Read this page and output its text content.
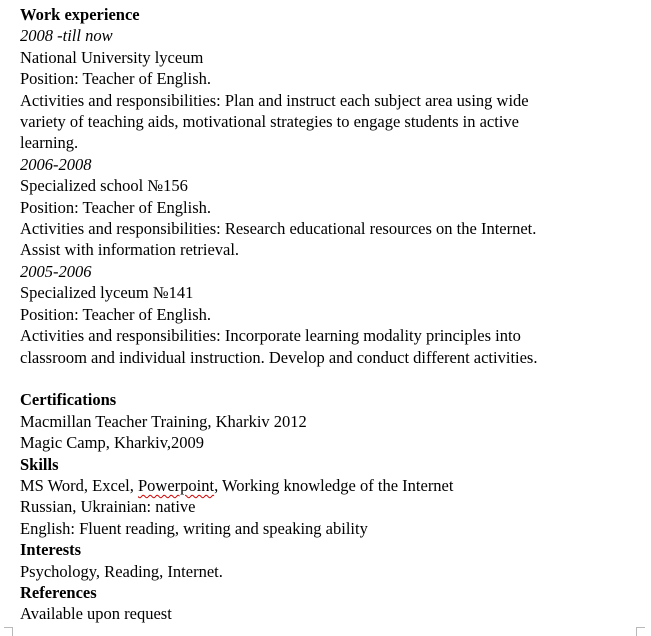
Work experience
2008 -till now
National University lyceum
Position: Teacher of English.
Activities and responsibilities: Plan and instruct each subject area using wide
variety of teaching aids, motivational strategies to engage students in active
learning.
2006-2008
Specialized school №156
Position: Teacher of English.
Activities and responsibilities: Research educational resources on the Internet.
Assist with information retrieval.
2005-2006
Specialized lyceum №141
Position: Teacher of English.
Activities and responsibilities: Incorporate learning modality principles into
classroom and individual instruction. Develop and conduct different activities.
Certifications
Macmillan Teacher Training, Kharkiv 2012
Magic Camp, Kharkiv,2009
Skills
MS Word, Excel, Powerpoint, Working knowledge of the Internet
Russian, Ukrainian: native
English: Fluent reading, writing and speaking ability
Interests
Psychology, Reading, Internet.
References
Available upon request
